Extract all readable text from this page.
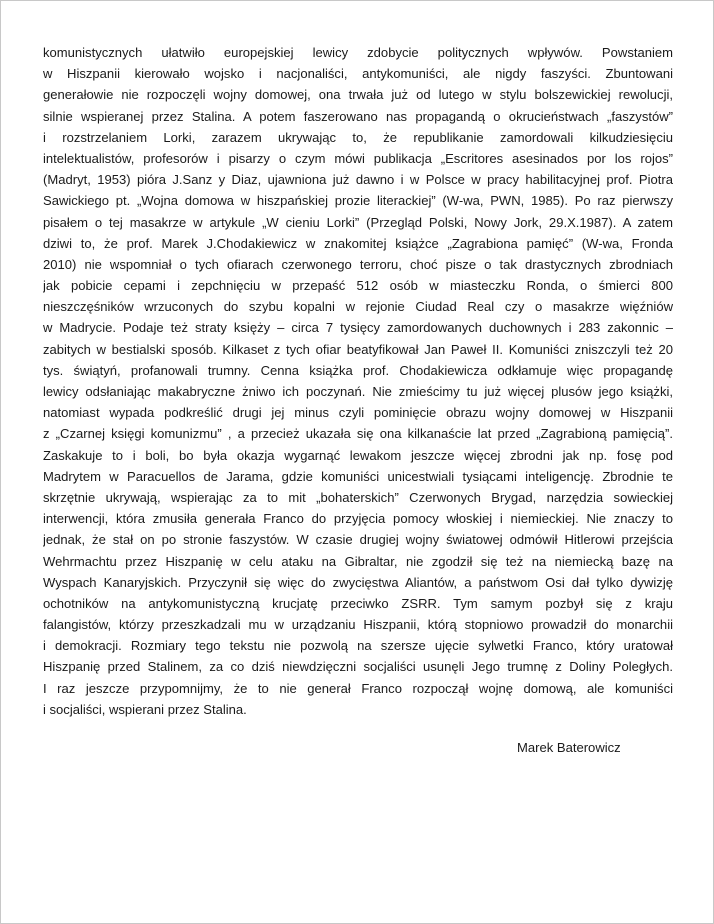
komunistycznych ułatwiło europejskiej lewicy zdobycie politycznych wpływów. Powstaniem
w Hiszpanii kierowało wojsko i nacjonaliści, antykomuniści, ale nigdy faszyści. Zbuntowani
generałowie nie rozpoczęli wojny domowej, ona trwała już od lutego w stylu bolszewickiej rewolucji,
silnie wspieranej przez Stalina. A potem faszerowano nas propagandą o okrucieństwach „faszystów”
i rozstrzelaniem Lorki, zarazem ukrywając to, że republikanie zamordowali kilkudziesięciu
intelektualistów, profesorów i pisarzy o czym mówi publikacja „Escritores asesinados por los rojos”
(Madryt, 1953) pióra J.Sanz y Diaz, ujawniona już dawno i w Polsce w pracy habilitacyjnej prof. Piotra
Sawickiego pt. „Wojna domowa w hiszpańskiej prozie literackiej” (W-wa, PWN, 1985). Po raz pierwszy
pisałem o tej masakrze w artykule „W cieniu Lorki” (Przegląd Polski, Nowy Jork, 29.X.1987). A zatem
dziwi to, że prof. Marek J.Chodakiewicz w znakomitej książce „Zagrabiona pamięć” (W-wa, Fronda
2010) nie wspomniał o tych ofiarach czerwonego terroru, choć pisze o tak drastycznych zbrodniach
jak pobicie cepami i zepchnięciu w przepaść 512 osób w miasteczku Ronda, o śmierci 800
nieszczęśników wrzuconych do szybu kopalni w rejonie Ciudad Real czy o masakrze więźniów
w Madrycie. Podaje też straty księży – circa 7 tysięcy zamordowanych duchownych i 283 zakonnic –
zabitych w bestialski sposób. Kilkaset z tych ofiar beatyfikował Jan Paweł II. Komuniści zniszczyli też 20
tys. świątyń, profanowali trumny. Cenna książka prof. Chodakiewicza odkłamuje więc propagandę
lewicy odsłaniając makabryczne żniwo ich poczynań. Nie zmieścimy tu już więcej plusów jego książki,
natomiast wypada podkreślić drugi jej minus czyli pominięcie obrazu wojny domowej w Hiszpanii
z „Czarnej księgi komunizmu” , a przecież ukazała się ona kilkanaście lat przed „Zagrabioną pamięcią”.
Zaskakuje to i boli, bo była okazja wygarnąć lewakom jeszcze więcej zbrodni jak np. fosę pod
Madrytem w Paracuellos de Jarama, gdzie komuniści unicestwiali tysiącami inteligencję. Zbrodnie te
skrzętnie ukrywają, wspierając za to mit „bohaterskich” Czerwonych Brygad, narzędzia sowieckiej
interwencji, która zmusiła generała Franco do przyjęcia pomocy włoskiej i niemieckiej. Nie znaczy to
jednak, że stał on po stronie faszystów. W czasie drugiej wojny światowej odmówił Hitlerowi przejścia
Wehrmachtu przez Hiszpanię w celu ataku na Gibraltar, nie zgodził się też na niemiecką bazę na
Wyspach Kanaryjskich. Przyczynił się więc do zwycięstwa Aliantów, a państwom Osi dał tylko dywizję
ochotników na antykomunistyczną krucjatę przeciwko ZSRR. Tym samym pozbył się z kraju
falangistów, którzy przeszkadzali mu w urządzaniu Hiszpanii, którą stopniowo prowadził do monarchii
i demokracji. Rozmiary tego tekstu nie pozwolą na szersze ujęcie sylwetki Franco, który uratował
Hiszpanię przed Stalinem, za co dziś niewdzięczni socjaliści usunęli Jego trumnę z Doliny Poległych.
I raz jeszcze przypomnijmy, że to nie generał Franco rozpoczął wojnę domową, ale komuniści
i socjaliści, wspierani przez Stalina.
Marek Baterowicz
